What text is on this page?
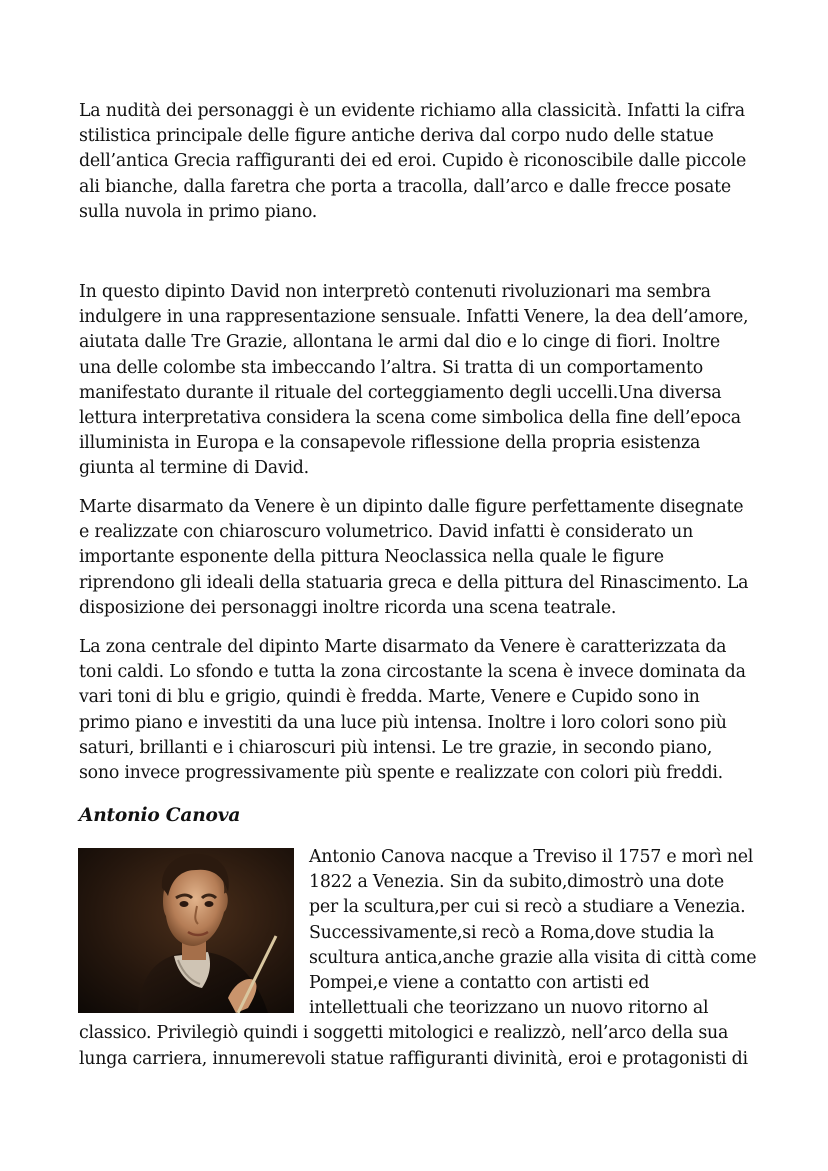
La nudità dei personaggi è un evidente richiamo alla classicità. Infatti la cifra
stilistica principale delle figure antiche deriva dal corpo nudo delle statue
dell’antica Grecia raffiguranti dei ed eroi. Cupido è riconoscibile dalle piccole
ali bianche, dalla faretra che porta a tracolla, dall’arco e dalle frecce posate
sulla nuvola in primo piano.

In questo dipinto David non interpretò contenuti rivoluzionari ma sembra
indulgere in una rappresentazione sensuale. Infatti Venere, la dea dell’amore,
aiutata dalle Tre Grazie, allontana le armi dal dio e lo cinge di fiori. Inoltre
una delle colombe sta imbeccando l’altra. Si tratta di un comportamento
manifestato durante il rituale del corteggiamento degli uccelli.Una diversa
lettura interpretativa considera la scena come simbolica della fine dell’epoca
illuminista in Europa e la consapevole riflessione della propria esistenza
giunta al termine di David.

Marte disarmato da Venere è un dipinto dalle figure perfettamente disegnate
e realizzate con chiaroscuro volumetrico. David infatti è considerato un
importante esponente della pittura Neoclassica nella quale le figure
riprendono gli ideali della statuaria greca e della pittura del Rinascimento. La
disposizione dei personaggi inoltre ricorda una scena teatrale.

La zona centrale del dipinto Marte disarmato da Venere è caratterizzata da
toni caldi. Lo sfondo e tutta la zona circostante la scena è invece dominata da
vari toni di blu e grigio, quindi è fredda. Marte, Venere e Cupido sono in
primo piano e investiti da una luce più intensa. Inoltre i loro colori sono più
saturi, brillanti e i chiaroscuri più intensi. Le tre grazie, in secondo piano,
sono invece progressivamente più spente e realizzate con colori più freddi.

Antonio Canova

Antonio Canova nacque a Treviso il 1757 e morì nel
1822 a Venezia. Sin da subito,dimostrò una dote
per la scultura,per cui si recò a studiare a Venezia.
Successivamente,si recò a Roma,dove studia la
scultura antica,anche grazie alla visita di città come
Pompei,e viene a contatto con artisti ed
intellettuali che teorizzano un nuovo ritorno al
classico. Privilegiò quindi i soggetti mitologici e realizzò, nell’arco della sua
lunga carriera, innumerevoli statue raffiguranti divinità, eroi e protagonisti di
